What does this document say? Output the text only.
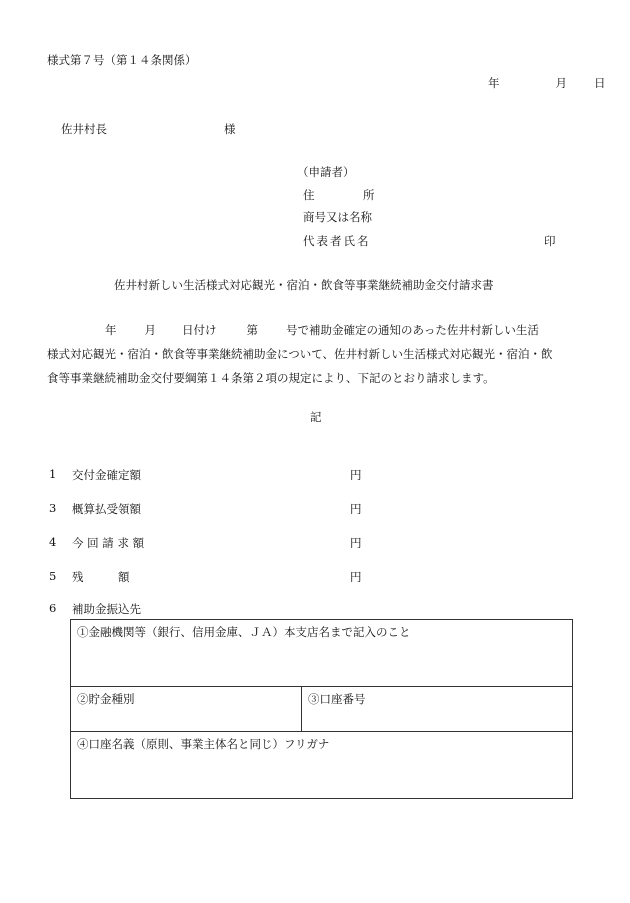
様式第７号（第１４条関係）
年	月 日
佐井村長	様
（申請者）
住	所
商号又は名称
代表者氏名	印
佐井村新しい生活様式対応観光・宿泊・飲食等事業継続補助金交付請求書
年 月 日付け	第 号で補助金確定の通知のあった佐井村新しい生活
様式対応観光・宿泊・飲食等事業継続補助金について、佐井村新しい生活様式対応観光・宿泊・飲
食等事業継続補助金交付要綱第１４条第２項の規定により、下記のとおり請求します。
記
1 交付金確定額	円
3 概算払受領額	円
4 今 回 請 求 額	円
5 残　　　額	円
6 補助金振込先
①金融機関等（銀行、信用金庫、ＪＡ）本支店名まで記入のこと
②貯金種別	③口座番号
④口座名義（原則、事業主体名と同じ）フリガナ
